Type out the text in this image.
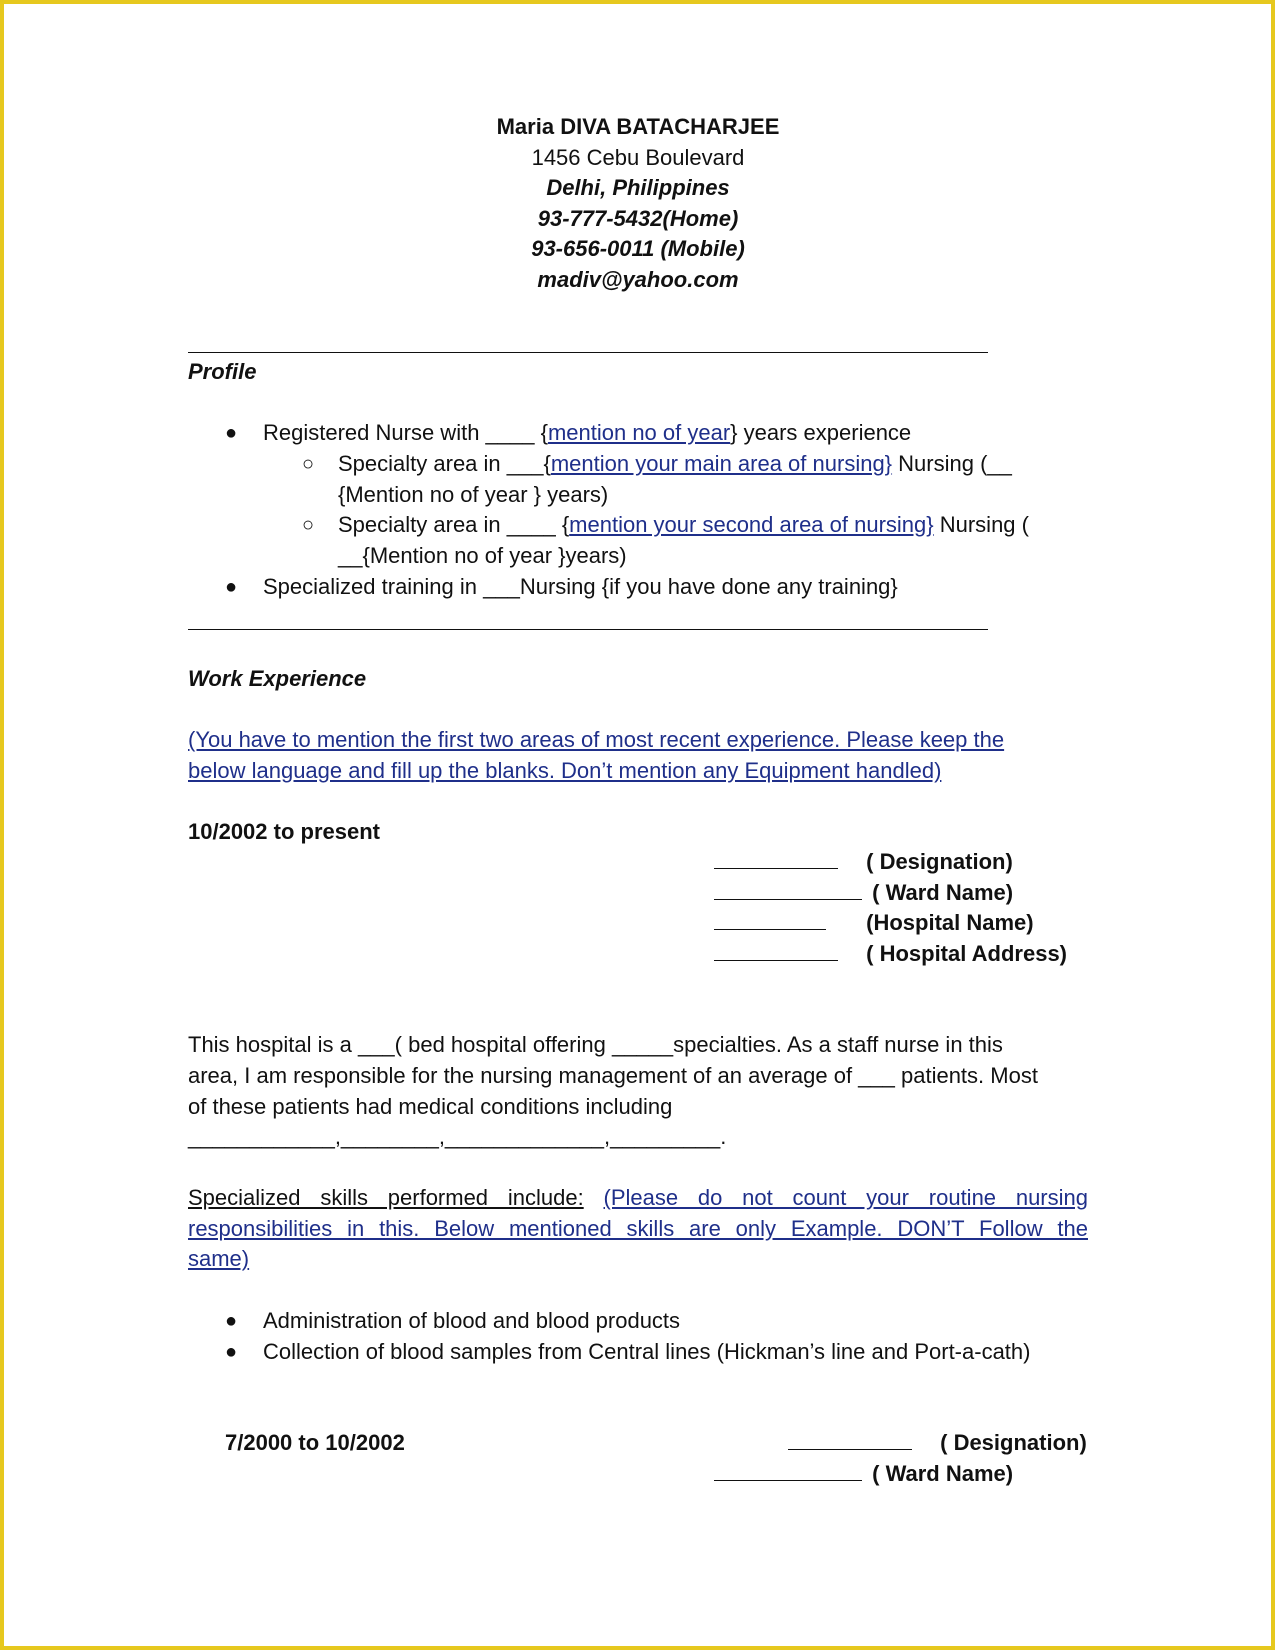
Maria DIVA BATACHARJEE
1456 Cebu Boulevard
Delhi, Philippines
93-777-5432(Home)
93-656-0011 (Mobile)
madiv@yahoo.com
Profile
● Registered Nurse with ____ {mention no of year} years experience
○ Specialty area in ___{mention your main area of nursing} Nursing (__
{Mention no of year } years)
○ Specialty area in ____ {mention your second area of nursing} Nursing (
__{Mention no of year }years)
● Specialized training in ___Nursing {if you have done any training}
Work Experience
(You have to mention the first two areas of most recent experience. Please keep the
below language and fill up the blanks. Don’t mention any Equipment handled)
10/2002 to present
( Designation)
( Ward Name)
(Hospital Name)
( Hospital Address)
This hospital is a ___( bed hospital offering _____specialties. As a staff nurse in this
area, I am responsible for the nursing management of an average of ___ patients. Most
of these patients had medical conditions including
____________,________,_____________,_________.
Specialized skills performed include: (Please do not count your routine nursing
responsibilities in this. Below mentioned skills are only Example. DON’T Follow the
same)
● Administration of blood and blood products
● Collection of blood samples from Central lines (Hickman’s line and Port-a-cath)
7/2000 to 10/2002	( Designation)
( Ward Name)
